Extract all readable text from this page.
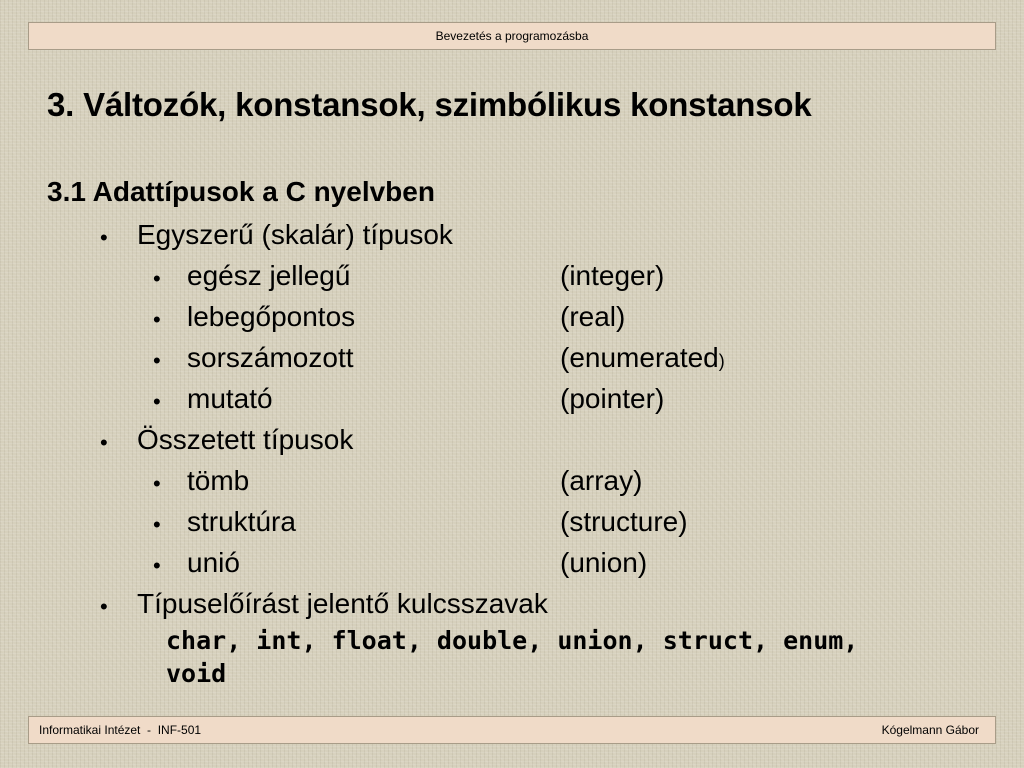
Bevezetés a programozásba
3. Változók, konstansok, szimbólikus konstansok
3.1 Adattípusok a C nyelvben
• Egyszerű (skalár) típusok
• egész jellegű	(integer)
• lebegőpontos	(real)
• sorszámozott	(enumerated)
• mutató	(pointer)
• Összetett típusok
• tömb	(array)
• struktúra	(structure)
• unió	(union)
• Típuselőírást jelentő kulcsszavak
char, int, float, double, union, struct, enum,
void
Informatikai Intézet  -  INF-501	Kógelmann Gábor
